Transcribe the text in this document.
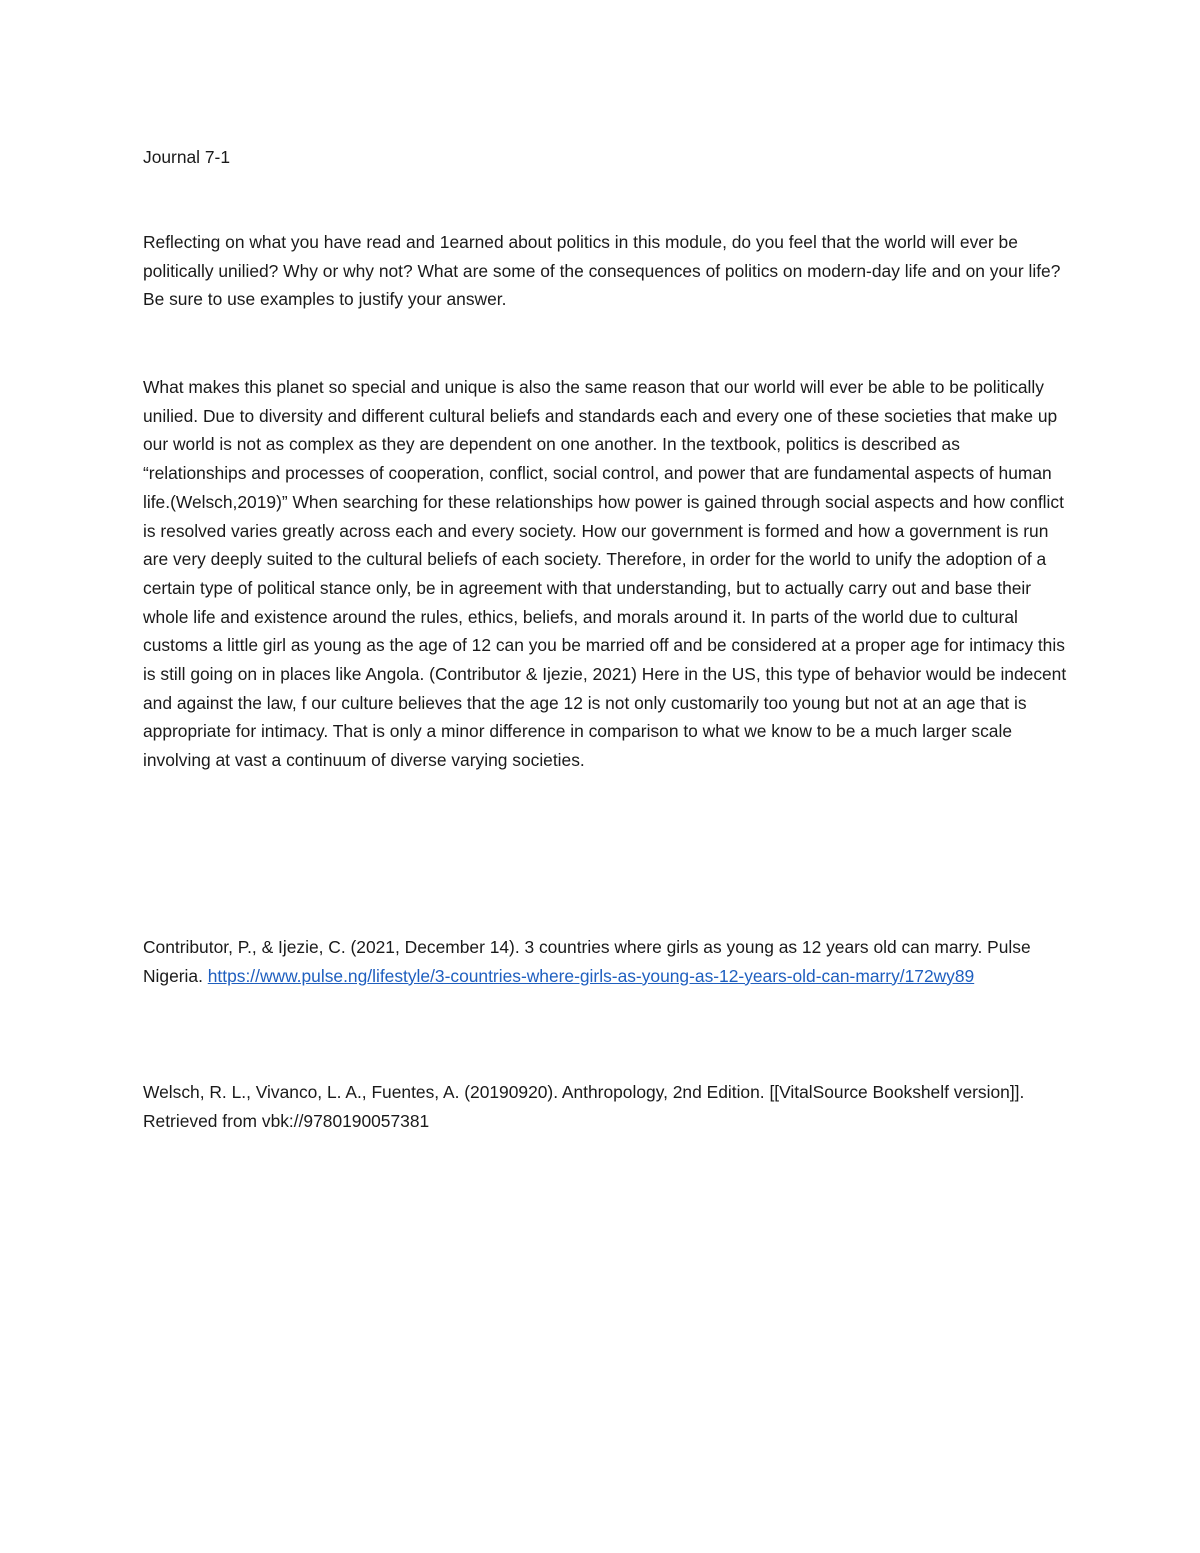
Journal 7-1

Reflecting on what you have read and 1earned about politics in this module, do you feel that the world will ever be politically unilied? Why or why not? What are some of the consequences of politics on modern-day life and on your life? Be sure to use examples to justify your answer.

What makes this planet so special and unique is also the same reason that our world will ever be able to be politically unilied. Due to diversity and different cultural beliefs and standards each and every one of these societies that make up our world is not as complex as they are dependent on one another. In the textbook, politics is described as “relationships and processes of cooperation, conflict, social control, and power that are fundamental aspects of human life.(Welsch,2019)” When searching for these relationships how power is gained through social aspects and how conflict is resolved varies greatly across each and every society. How our government is formed and how a government is run are very deeply suited to the cultural beliefs of each society. Therefore, in order for the world to unify the adoption of a certain type of political stance only, be in agreement with that understanding, but to actually carry out and base their whole life and existence around the rules, ethics, beliefs, and morals around it. In parts of the world due to cultural customs a little girl as young as the age of 12 can you be married off and be considered at a proper age for intimacy this is still going on in places like Angola. (Contributor & Ijezie, 2021) Here in the US, this type of behavior would be indecent and against the law, f our culture believes that the age 12 is not only customarily too young but not at an age that is appropriate for intimacy. That is only a minor difference in comparison to what we know to be a much larger scale involving at vast a continuum of diverse varying societies.

Contributor, P., & Ijezie, C. (2021, December 14). 3 countries where girls as young as 12 years old can marry. Pulse Nigeria. https://www.pulse.ng/lifestyle/3-countries-where-girls-as-young-as-12-years-old-can-marry/172wy89

Welsch, R. L., Vivanco, L. A., Fuentes, A. (20190920). Anthropology, 2nd Edition. [[VitalSource Bookshelf version]]. Retrieved from vbk://9780190057381
